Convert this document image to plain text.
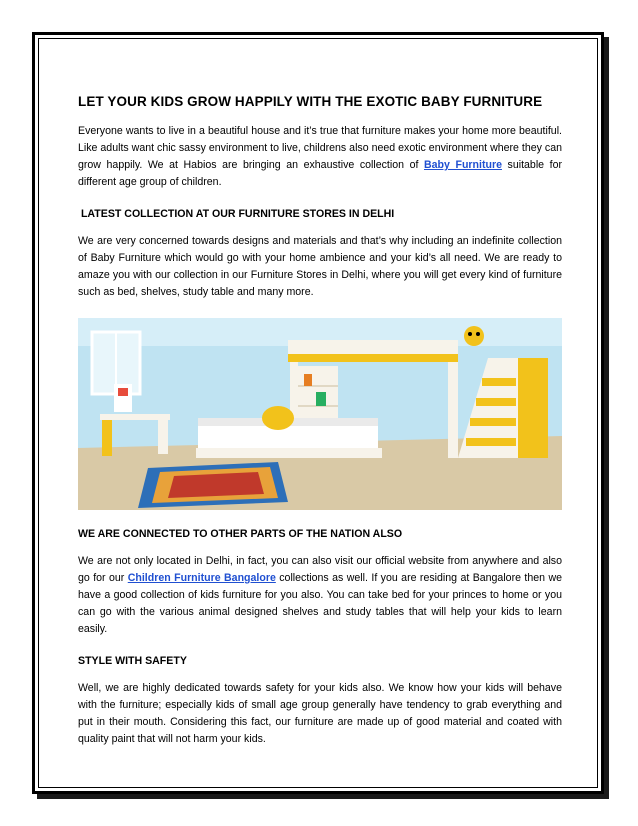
LET YOUR KIDS GROW HAPPILY WITH THE EXOTIC BABY FURNITURE

Everyone wants to live in a beautiful house and it’s true that furniture makes your home more beautiful. Like adults want chic sassy environment to live, childrens also need exotic environment where they can grow happily. We at Habios are bringing an exhaustive collection of Baby Furniture suitable for different age group of children.

LATEST COLLECTION AT OUR FURNITURE STORES IN DELHI

We are very concerned towards designs and materials and that’s why including an indefinite collection of Baby Furniture which would go with your home ambience and your kid’s all need. We are ready to amaze you with our collection in our Furniture Stores in Delhi, where you will get every kind of furniture such as bed, shelves, study table and many more.

WE ARE CONNECTED TO OTHER PARTS OF THE NATION ALSO

We are not only located in Delhi, in fact, you can also visit our official website from anywhere and also go for our Children Furniture Bangalore collections as well. If you are residing at Bangalore then we have a good collection of kids furniture for you also. You can take bed for your princes to home or you can go with the various animal designed shelves and study tables that will help your kids to learn easily.

STYLE WITH SAFETY

Well, we are highly dedicated towards safety for your kids also. We know how your kids will behave with the furniture; especially kids of small age group generally have tendency to grab everything and put in their mouth. Considering this fact, our furniture are made up of good material and coated with quality paint that will not harm your kids.
